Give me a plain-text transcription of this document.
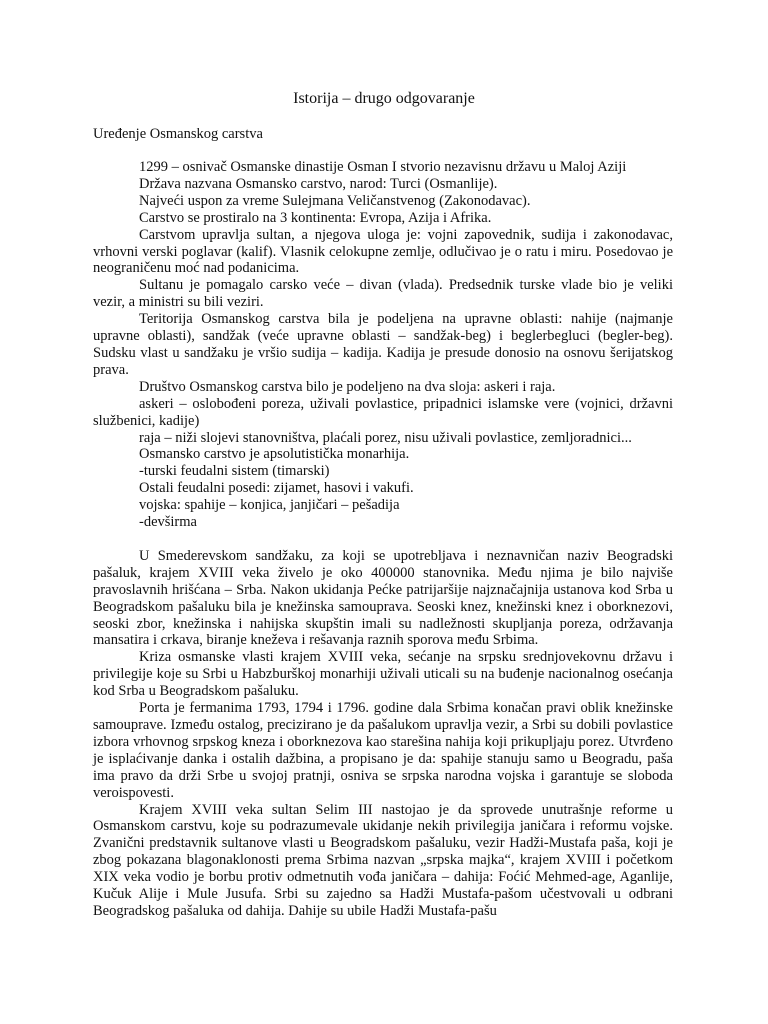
Istorija – drugo odgovaranje
Uređenje Osmanskog carstva

1299 – osnivač Osmanske dinastije Osman I stvorio nezavisnu državu u Maloj Aziji

Država nazvana Osmansko carstvo, narod: Turci (Osmanlije).

Najveći uspon za vreme Sulejmana Veličanstvenog (Zakonodavac).

Carstvo se prostiralo na 3 kontinenta: Evropa, Azija i Afrika.

Carstvom upravlja sultan, a njegova uloga je: vojni zapovednik, sudija i zakonodavac, vrhovni verski poglavar (kalif). Vlasnik celokupne zemlje, odlučivao je o ratu i miru. Posedovao je neograničenu moć nad podanicima.

Sultanu je pomagalo carsko veće – divan (vlada). Predsednik turske vlade bio je veliki vezir, a ministri su bili veziri.

Teritorija Osmanskog carstva bila je podeljena na upravne oblasti: nahije (najmanje upravne oblasti), sandžak (veće upravne oblasti – sandžak-beg) i beglerbegluci (begler-beg). Sudsku vlast u sandžaku je vršio sudija – kadija. Kadija je presude donosio na osnovu šerijatskog prava.

Društvo Osmanskog carstva bilo je podeljeno na dva sloja: askeri i raja.

askeri – oslobođeni poreza, uživali povlastice, pripadnici islamske vere (vojnici, državni službenici, kadije)

raja – niži slojevi stanovništva, plaćali porez, nisu uživali povlastice, zemljoradnici...

Osmansko carstvo je apsolutistička monarhija.

-turski feudalni sistem (timarski)

Ostali feudalni posedi: zijamet, hasovi i vakufi.

vojska: spahije – konjica, janjičari – pešadija

-devširma

U Smederevskom sandžaku, za koji se upotrebljava i neznavničan naziv Beogradski pašaluk, krajem XVIII veka živelo je oko 400000 stanovnika. Među njima je bilo najviše pravoslavnih hrišćana – Srba. Nakon ukidanja Pećke patrijaršije najznačajnija ustanova kod Srba u Beogradskom pašaluku bila je knežinska samouprava. Seoski knez, knežinski knez i oborknezovi, seoski zbor, knežinska i nahijska skupštin imali su nadležnosti skupljanja poreza, održavanja mansatira i crkava, biranje kneževa i rešavanja raznih sporova među Srbima.

Kriza osmanske vlasti krajem XVIII veka, sećanje na srpsku srednjovekovnu državu i privilegije koje su Srbi u Habzburškoj monarhiji uživali uticali su na buđenje nacionalnog osećanja kod Srba u Beogradskom pašaluku.

Porta je fermanima 1793, 1794 i 1796. godine dala Srbima konačan pravi oblik knežinske samouprave. Između ostalog, precizirano je da pašalukom upravlja vezir, a Srbi su dobili povlastice izbora vrhovnog srpskog kneza i oborknezova kao starešina nahija koji prikupljaju porez. Utvrđeno je isplaćivanje danka i ostalih dažbina, a propisano je da: spahije stanuju samo u Beogradu, paša ima pravo da drži Srbe u svojoj pratnji, osniva se srpska narodna vojska i garantuje se sloboda veroispovesti.

Krajem XVIII veka sultan Selim III nastojao je da sprovede unutrašnje reforme u Osmanskom carstvu, koje su podrazumevale ukidanje nekih privilegija janičara i reformu vojske. Zvanični predstavnik sultanove vlasti u Beogradskom pašaluku, vezir Hadži-Mustafa paša, koji je zbog pokazana blagonaklonosti prema Srbima nazvan „srpska majka“, krajem XVIII i početkom XIX veka vodio je borbu protiv odmetnutih vođa janičara – dahija: Foćić Mehmed-age, Aganlije, Kučuk Alije i Mule Jusufa. Srbi su zajedno sa Hadži Mustafa-pašom učestvovali u odbrani Beogradskog pašaluka od dahija. Dahije su ubile Hadži Mustafa-pašu
